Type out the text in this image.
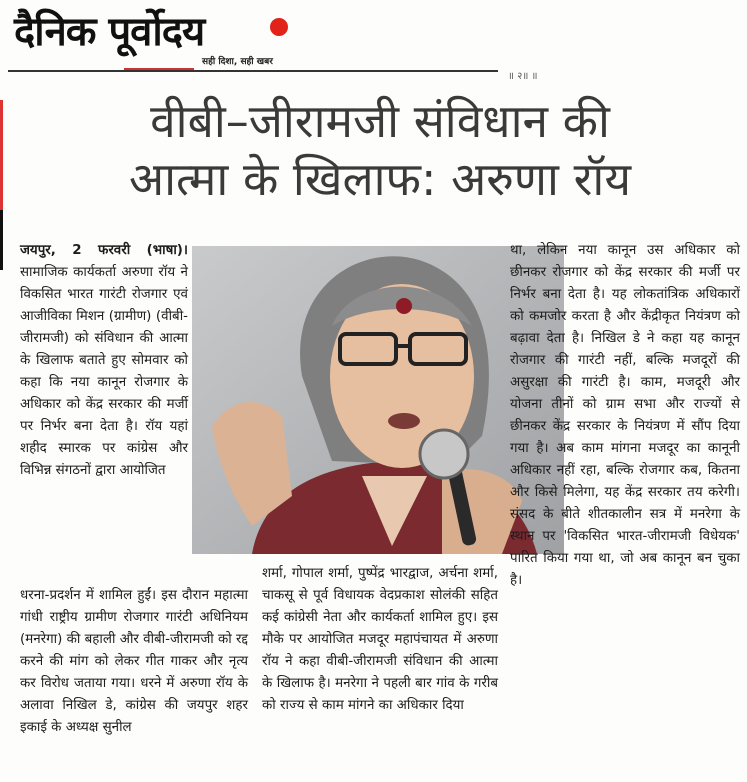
दैनिक पूर्वोदय
सही दिशा, सही खबर
॥ २॥ ॥
वीबी–जीरामजी संविधान की
आत्मा के खिलाफ: अरुणा रॉय
जयपुर, 2 फरवरी (भाषा)। सामाजिक कार्यकर्ता अरुणा रॉय ने विकसित भारत गारंटी रोजगार एवं आजीविका मिशन (ग्रामीण) (वीबी-जीरामजी) को संविधान की आत्मा के खिलाफ बताते हुए सोमवार को कहा कि नया कानून रोजगार के अधिकार को केंद्र सरकार की मर्जी पर निर्भर बना देता है। रॉय यहां शहीद स्मारक पर कांग्रेस और विभिन्न संगठनों द्वारा आयोजित
धरना-प्रदर्शन में शामिल हुईं। इस दौरान महात्मा गांधी राष्ट्रीय ग्रामीण रोजगार गारंटी अधिनियम (मनरेगा) की बहाली और वीबी-जीरामजी को रद्द करने की मांग को लेकर गीत गाकर और नृत्य कर विरोध जताया गया। धरने में अरुणा रॉय के अलावा निखिल डे, कांग्रेस की जयपुर शहर इकाई के अध्यक्ष सुनील
शर्मा, गोपाल शर्मा, पुष्पेंद्र भारद्वाज, अर्चना शर्मा, चाकसू से पूर्व विधायक वेदप्रकाश सोलंकी सहित कई कांग्रेसी नेता और कार्यकर्ता शामिल हुए। इस मौके पर आयोजित मजदूर महापंचायत में अरुणा रॉय ने कहा वीबी-जीरामजी संविधान की आत्मा के खिलाफ है। मनरेगा ने पहली बार गांव के गरीब को राज्य से काम मांगने का अधिकार दिया
था, लेकिन नया कानून उस अधिकार को छीनकर रोजगार को केंद्र सरकार की मर्जी पर निर्भर बना देता है। यह लोकतांत्रिक अधिकारों को कमजोर करता है और केंद्रीकृत नियंत्रण को बढ़ावा देता है। निखिल डे ने कहा यह कानून रोजगार की गारंटी नहीं, बल्कि मजदूरों की असुरक्षा की गारंटी है। काम, मजदूरी और योजना तीनों को ग्राम सभा और राज्यों से छीनकर केंद्र सरकार के नियंत्रण में सौंप दिया गया है। अब काम मांगना मजदूर का कानूनी अधिकार नहीं रहा, बल्कि रोजगार कब, कितना और किसे मिलेगा, यह केंद्र सरकार तय करेगी। संसद के बीते शीतकालीन सत्र में मनरेगा के स्थान पर 'विकसित भारत-जीरामजी विधेयक' पारित किया गया था, जो अब कानून बन चुका है।
